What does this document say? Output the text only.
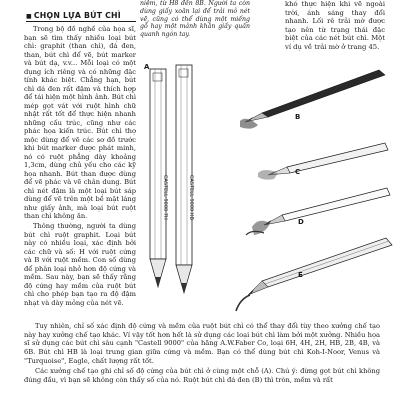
niệm, từ H8 đến 8B. Người ta còn dùng giấy xoăn lại để trải mỏ nét vẽ, cũng có thể dùng một miếng gỗ hay một mảnh khăn giấy quấn quanh ngón tay.
khó thực hiện khi vẽ ngoài trời, ánh sáng thay đổi nhanh. Lối rê trải mờ được tạo nên từ trạng thái đặc biệt của các nét bút chì. Một ví dụ về trải mờ ở trang 45.
■ CHỌN LỰA BÚT CHÌ

Trong bộ đồ nghề của họa sĩ, bạn sẽ tìm thấy nhiều loại bút chì: graphit (than chì), đá đen, than, bút chì để vẽ, bút marker và bút dạ, v.v... Mỗi loại có một dụng ích riêng và có những đặc tính khác biệt. Chẳng hạn, bút chì dá đen rất đậm và thích hợp để tái hiện một hình ảnh. Bút chì mép gọt vát với ruột hình chữ nhật rất tốt để thực hiện nhanh những cấu trúc, cũng như các phác họa kiến trúc. Bút chì thợ mộc dùng để vẽ các sơ đồ trước khi bút marker được phát minh, nó có ruột phẳng dày khoảng 1,3cm, dùng chủ yếu cho các kỹ họa nhanh. Bút than được dùng để vẽ phác và vẽ chân dung. Bút chì nét đậm là một loại bút sáp dùng để vẽ trên một bề mặt láng như giấy ảnh, mà loại bút ruột than chì không ăn.

Thông thường, người ta dùng bút chì ruột graphit. Loại bút này có nhiều loại, xác định bởi các chữ và số: H với ruột cứng và B với ruột mềm. Con số dùng để phân loại nhỏ hơn độ cứng và mềm. Sau này, bạn sẽ thấy rằng độ cứng hay mềm của ruột bút chì cho phép bạn tạo ra độ đậm nhạt và dày mỏng của nét vẽ.

A
B
C
D
E
CASTELL 9000 7H	CASTELL 9000 HB

Tuy nhiên, chỉ số xác định độ cứng và mềm của ruột bút chì có thể thay đổi tùy theo xưởng chế tạo này hay xưởng chế tạo khác. Ví vậy tốt hơn hết là sử dụng các loại bút chì làm bởi một xưởng. Nhiều họa sĩ sử dụng các bút chì sâu cạnh "Castell 9000" của hãng A.W.Faber Co, loại 6H, 4H, 2H, HB, 2B, 4B, và 6B. Bút chì HB là loại trung gian giữa cứng và mềm. Bạn có thể dùng bút chì Koh-I-Noor, Venus và "Turquoise", Eagle, chất lượng rất tốt.

Các xưởng chế tạo ghi chỉ số độ cứng của bút chì ở cùng một chỗ (A). Chú ý: đừng gọt bút chì không đúng đầu, vì bạn sẽ không còn thấy số của nó. Ruột bút chì đá đen (B) thì tròn, mềm và rất
